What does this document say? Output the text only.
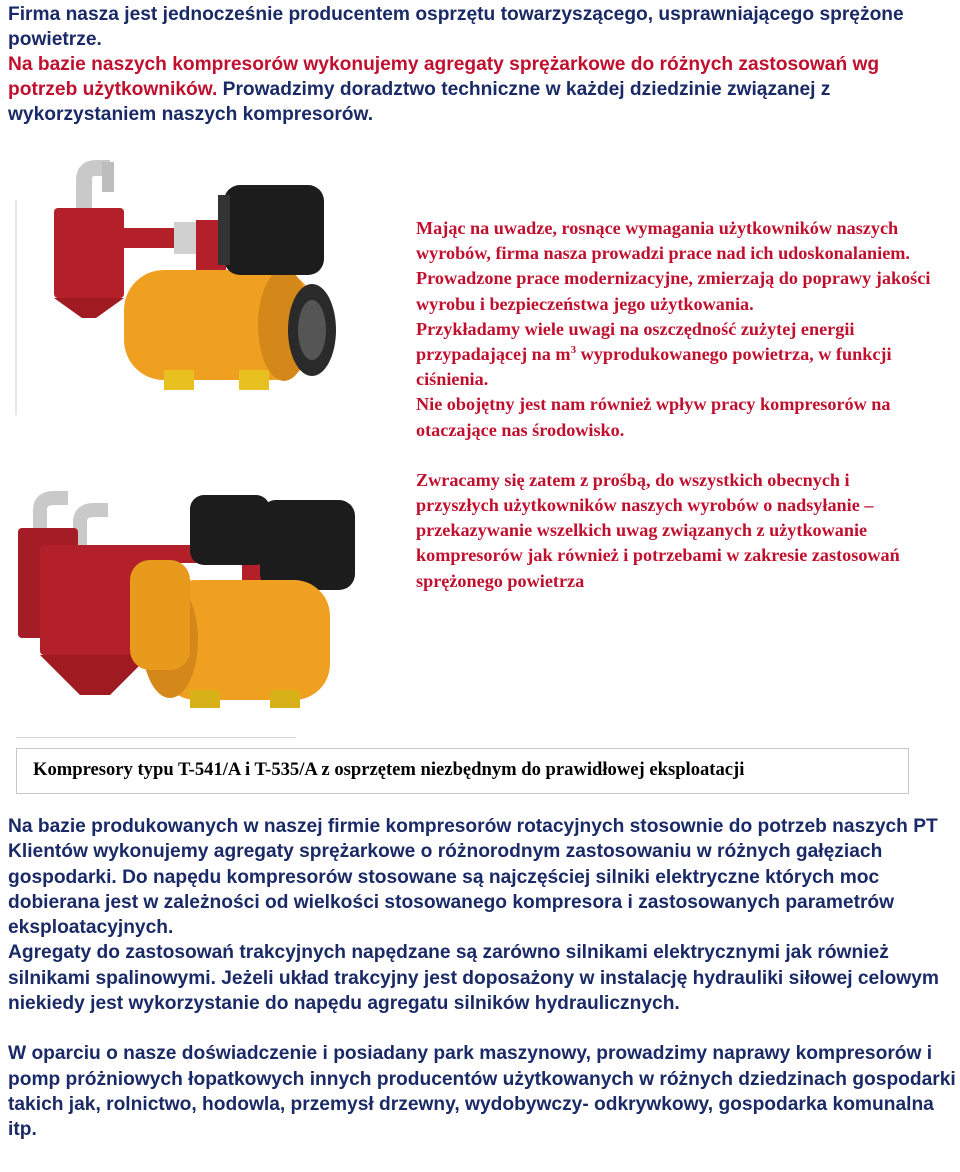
Firma nasza jest jednocześnie producentem osprzętu towarzyszącego, usprawniającego sprężone powietrze.

Na bazie naszych kompresorów wykonujemy agregaty sprężarkowe do różnych zastosowań wg potrzeb użytkowników. Prowadzimy doradztwo techniczne w każdej dziedzinie związanej z wykorzystaniem naszych kompresorów.

Mając na uwadze, rosnące wymagania użytkowników naszych wyrobów, firma nasza prowadzi prace nad ich udoskonalaniem.

Prowadzone prace modernizacyjne, zmierzają do poprawy jakości wyrobu i bezpieczeństwa jego użytkowania.

Przykładamy wiele uwagi na oszczędność zużytej energii przypadającej na $m^3$ wyprodukowanego powietrza, w funkcji ciśnienia.

Nie obojętny jest nam również wpływ pracy kompresorów na otaczające nas środowisko.

Zwracamy się zatem z prośbą, do wszystkich obecnych i przyszłych użytkowników naszych wyrobów o nadsyłanie – przekazywanie wszelkich uwag związanych z użytkowanie kompresorów jak również i potrzebami w zakresie zastosowań sprężonego powietrza

Kompresory typu T-541/A i T-535/A z osprzętem niezbędnym do prawidłowej eksploatacji

Na bazie produkowanych w naszej firmie kompresorów rotacyjnych stosownie do potrzeb naszych PT Klientów wykonujemy agregaty sprężarkowe o różnorodnym zastosowaniu w różnych gałęziach gospodarki. Do napędu kompresorów stosowane są najczęściej silniki elektryczne których moc dobierana jest w zależności od wielkości stosowanego kompresora i zastosowanych parametrów eksploatacyjnych.

Agregaty do zastosowań trakcyjnych napędzane są zarówno silnikami elektrycznymi jak również silnikami spalinowymi. Jeżeli układ trakcyjny jest doposażony w instalację hydrauliki siłowej celowym niekiedy jest wykorzystanie do napędu agregatu silników hydraulicznych.

W oparciu o nasze doświadczenie i posiadany park maszynowy, prowadzimy naprawy kompresorów i pomp próżniowych łopatkowych innych producentów użytkowanych w różnych dziedzinach gospodarki takich jak, rolnictwo, hodowla, przemysł drzewny, wydobywczy- odkrywkowy, gospodarka komunalna itp.
